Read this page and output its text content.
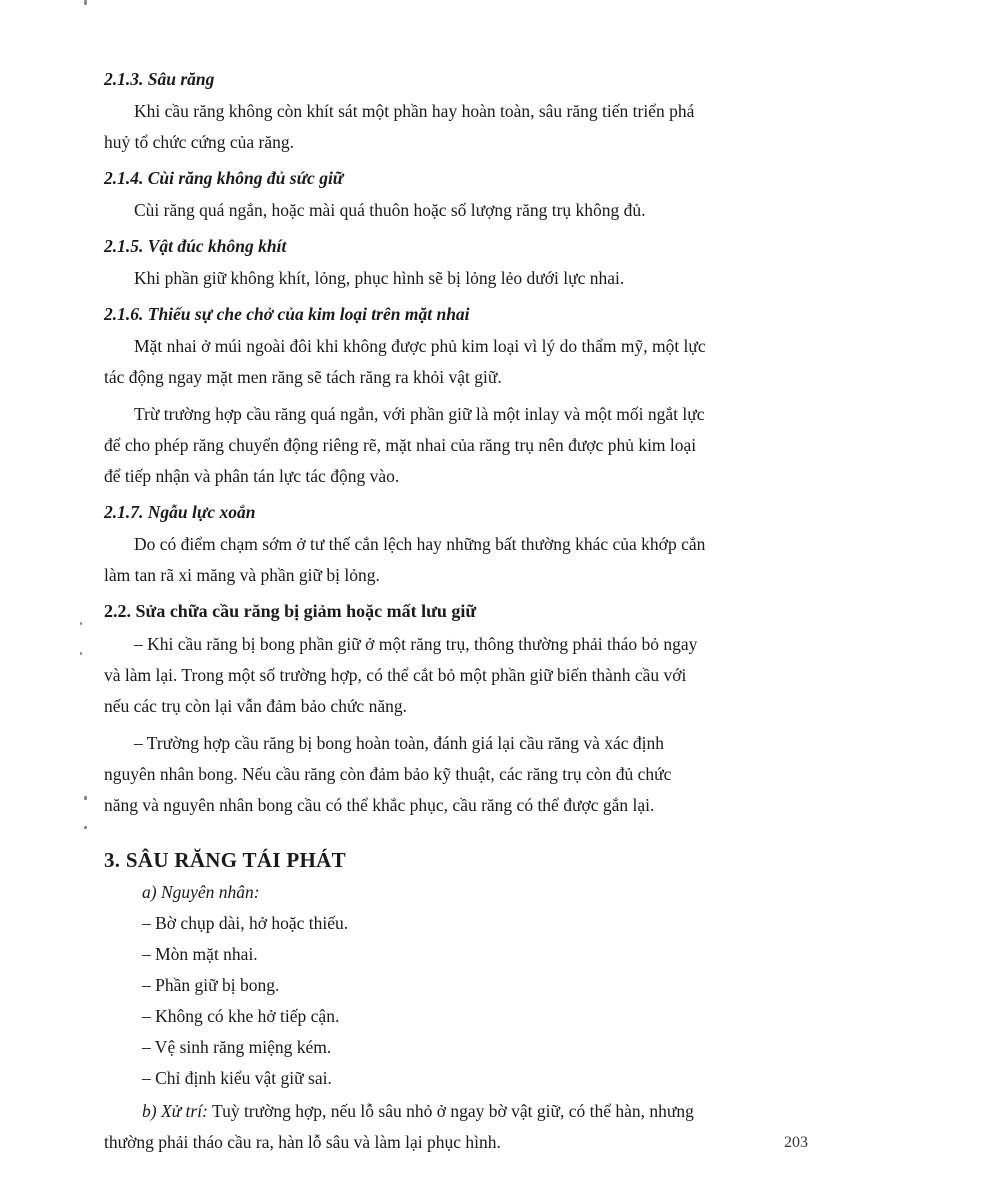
2.1.3. Sâu răng

Khi cầu răng không còn khít sát một phần hay hoàn toàn, sâu răng tiến triển phá

huỷ tổ chức cứng của răng.

2.1.4. Cùi răng không đủ sức giữ

Cùi răng quá ngắn, hoặc mài quá thuôn hoặc số lượng răng trụ không đủ.

2.1.5. Vật đúc không khít

Khi phần giữ không khít, lỏng, phục hình sẽ bị lỏng lẻo dưới lực nhai.

2.1.6. Thiếu sự che chở của kim loại trên mặt nhai

Mặt nhai ở múi ngoài đôi khi không được phủ kim loại vì lý do thẩm mỹ, một lực

tác động ngay mặt men răng sẽ tách răng ra khỏi vật giữ.

Trừ trường hợp cầu răng quá ngắn, với phần giữ là một inlay và một mối ngắt lực

để cho phép răng chuyển động riêng rẽ, mặt nhai của răng trụ nên được phủ kim loại

để tiếp nhận và phân tán lực tác động vào.

2.1.7. Ngẫu lực xoắn

Do có điểm chạm sớm ở tư thế cắn lệch hay những bất thường khác của khớp cắn

làm tan rã xi măng và phần giữ bị lỏng.

2.2. Sửa chữa cầu răng bị giảm hoặc mất lưu giữ

– Khi cầu răng bị bong phần giữ ở một răng trụ, thông thường phải tháo bỏ ngay

và làm lại. Trong một số trường hợp, có thể cắt bỏ một phần giữ biến thành cầu với

nếu các trụ còn lại vẫn đảm bảo chức năng.

– Trường hợp cầu răng bị bong hoàn toàn, đánh giá lại cầu răng và xác định

nguyên nhân bong. Nếu cầu răng còn đảm bảo kỹ thuật, các răng trụ còn đủ chức

năng và nguyên nhân bong cầu có thể khắc phục, cầu răng có thể được gắn lại.

3. SÂU RĂNG TÁI PHÁT

a) Nguyên nhân:

– Bờ chụp dài, hở hoặc thiếu.

– Mòn mặt nhai.

– Phần giữ bị bong.

– Không có khe hở tiếp cận.

– Vệ sinh răng miệng kém.

– Chỉ định kiểu vật giữ sai.

b) Xử trí: Tuỳ trường hợp, nếu lỗ sâu nhỏ ở ngay bờ vật giữ, có thể hàn, nhưng

thường phải tháo cầu ra, hàn lỗ sâu và làm lại phục hình.	203
